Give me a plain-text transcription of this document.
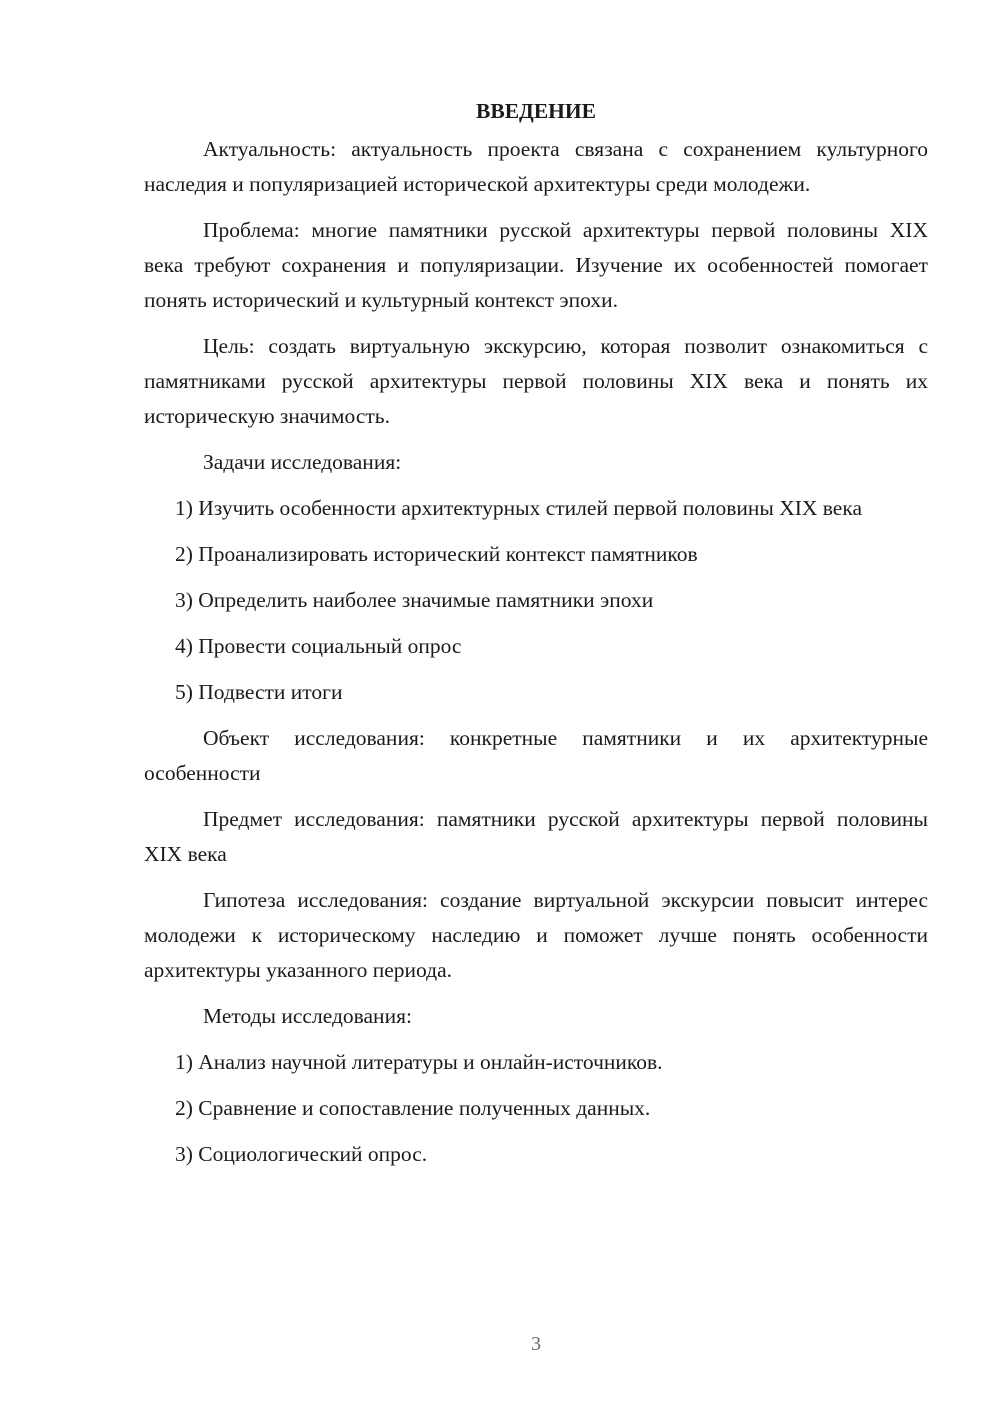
ВВЕДЕНИЕ

Актуальность: актуальность проекта связана с сохранением культурного наследия и популяризацией исторической архитектуры среди молодежи.

Проблема: многие памятники русской архитектуры первой половины XIX века требуют сохранения и популяризации. Изучение их особенностей помогает понять исторический и культурный контекст эпохи.

Цель: создать виртуальную экскурсию, которая позволит ознакомиться с памятниками русской архитектуры первой половины XIX века и понять их историческую значимость.

Задачи исследования:

1) Изучить особенности архитектурных стилей первой половины XIX века

2) Проанализировать исторический контекст памятников

3) Определить наиболее значимые памятники эпохи

4) Провести социальный опрос

5) Подвести итоги

Объект исследования: конкретные памятники и их архитектурные особенности

Предмет исследования: памятники русской архитектуры первой половины XIX века

Гипотеза исследования: создание виртуальной экскурсии повысит интерес молодежи к историческому наследию и поможет лучше понять особенности архитектуры указанного периода.

Методы исследования:

1) Анализ научной литературы и онлайн-источников.

2) Сравнение и сопоставление полученных данных.

3) Социологический опрос.

3
